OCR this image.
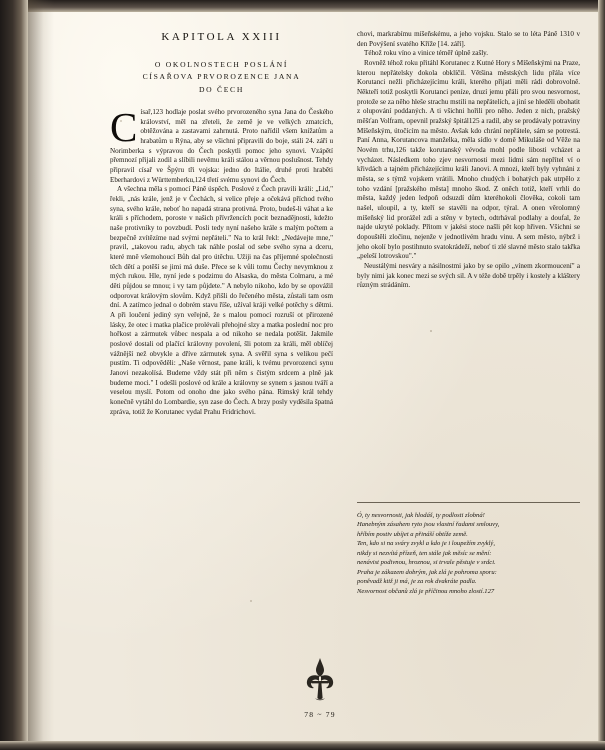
KAPITOLA XXIII
O OKOLNOSTECH POSLÁNÍ
CÍSAŘOVA PRVOROZENCE JANA
DO ČECH
C ísař,123 hodlaje poslat svého prvorozeného syna Jana do Českého království, měl na zřeteli, že země je ve velkých zmatcích, obtěžována a zastavami zahrnutá. Proto nařídil všem knížatům a hrabatům u Rýna, aby se všichni připravili do boje, stáli 24. září u Norimberka s výpravou do Čech poskytli pomoc jeho synovi. Vzápětí přemnozí přijali zodil a slíbili nevěmu králi stálou a věrnou poslušnost. Tehdy připravil císař ve Špýru tři vojska: jedno do Itálie, druhé proti hraběti Eberhardovi z Württemberku,124 třetí svému synovi do Čech.

A všechna měla s pomocí Páně úspěch. Poslové z Čech pravili králi: „Lid," řekli, „nás krále, jenž je v Čechách, si velice přeje a očekává příchod tvého syna, svého krále, neboť ho napadá strana protivná. Proto, budeš-li váhat a ke králi s příchodem, poroste v našich přívržencích pocit beznadějnosti, kdežto naše protivníky to povzbudí. Posli tedy nyní našeho krále s malým počtem a bezpečně zvítězíme nad svými nepřáteli." Na to král řekl: „Nedávejte mne," pravil, „takovou radu, abych tak náhle poslal od sebe svého syna a dceru, které mně všemohoucí Bůh dal pro útěchu. Užiji na čas příjemné společnosti těch dětí a potěší se jimi má duše. Přece se k vůli tomu Čechy nevymknou z mých rukou. Hle, nyní jede s podzimu do Alsaska, do města Colmaru, a mé děti půjdou se mnou; i vy tam půjdete." A nebylo nikoho, kdo by se opovážil odporovat královým slovům. Když přišli do řečeného města, zůstali tam osm dní. A zatímco jednal o dobrém stavu říše, užíval kráji velké potěchy s dětmi. A při loučení jediný syn veřejně, že s malou pomocí rozruší ot přirozené lásky, že otec i matka plačice prolévali přehojné slzy a matka poslední noc pro hořkost a zármutek vůbec nespala a od nikoho se nedala potěšit. Jakmile poslové dostali od plačící královny povolení, šli potom za králi, měl oblíčej vážnější než obvykle a dříve zármutek syna. A svěřil syna s velikou pečí pustím. Ti odpověděli: „Naše věrnost, pane králi, k tvému prvorozenci synu Janovi nezakolísá. Budeme vždy stát při něm s čistým srdcem a plně jak budeme moci." I odešli poslové od krále a královny se synem s jasnou tváří a veselou myslí. Potom od onoho dne jako svého pána. Rimský král tehdy konečně vytáhl do Lombardie, syn zase do Čech. A brzy posly vyděsila špatná zpráva, totiž že Korutanec vydal Prahu Fridrichovi.

chovi, markrabímu míšeňskému, a jeho vojsku. Stalo se to léta Páně 1310 v den Povýšení svatého Kříže [14. září].

Téhož roku víno a vinice téměř úplně zašly.

Rovněž téhož roku přitáhl Korutanec z Kutné Hory s Míšeňskými na Praze, kterou nepřátelsky dokola obklíčil. Většina městských lidu přála více Korutanci nežli přicházejícímu králi, kterého přijati měli rádi dobrovolně. Někteří totiž poskytli Korutanci peníze, druzí jemu přáli pro svou nesvornost, protože se za něho hleše strachu mstili na nepřátelích, a jiní se hleděli obohatit z olupování poddaných. A ti všichni hořili pro něho. Jeden z nich, pražský měšťan Volfram, opevnil pražský špitál125 a radil, aby se prodávaly potraviny Míšeňským, útočícím na město. Avšak kdo chrání nepřátele, sám se potrestá. Paní Anna, Korutancova manželka, měla sídlo v domě Mikuláše od Věže na Novém trhu,126 takže korutanský vévoda mohl podle libosti vcházet a vycházet. Následkem toho zjev nesvornosti mezi lidmi sám nepřítel ví o křivdách a tajném přicházejícímu králi Janovi. A mnozi, kteří byly vyhnáni z města, se s týmž vojskem vrátili. Mnoho chudých i bohatých pak utrpělo z toho vzdání [pražského města] mnoho škod. Z oněch totiž, kteří vrhli do města, každý jeden ledpoň odsuzdí dům kteréhokoli člověka, cokoli tam našel, uloupil, a ty, kteří se stavěli na odpor, týral. A onen věrolomný míšeňský lid prorážel zdi a stěny v bytech, odtrhával podlahy a doufal, že najde ukryté poklady. Přitom v jakési stoce našli pět kop hřiven. Všichni se dopouštěli zločinu, nejenže v jednotlivém hradu vinu. A sem město, nýbrž i jeho okolí bylo postihnuto svatokrádeží, neboť ti zlé slavné město stalo takřka „peleší lotrovskou"."

Neustálými nesváry a násilnostmi jako by se opilo „vínem zkormoucení" a byly nimi jak konec mezi se svých sil. A v téže době trpěly i kostely a kláštery různým strádáním.

Ó, ty nesvornosti, jak hlodáš, ty podlosti zlobná!

Hanebným zásahem ryto jsou vlastní řadami smlouvy,

hříbím postiv ubíjet a přináší obtíže země.

Ten, kdo si na sváry zvykl a kdo je i loupežím zvyklý,

nikdy si nezvítá přízeň, ten stále jak měsíc se mění:

nenávist podivnou, hroznou, si trvale pěstuje v srdci.

Praha je zákazem dobrým, jak zlá je pohroma sporu:

poněvadž ktiž ji má, je za rok dvakráte padla.

Nesvornost občanů zlá je příčinou mnoho zlostí.127

78 ~ 79
